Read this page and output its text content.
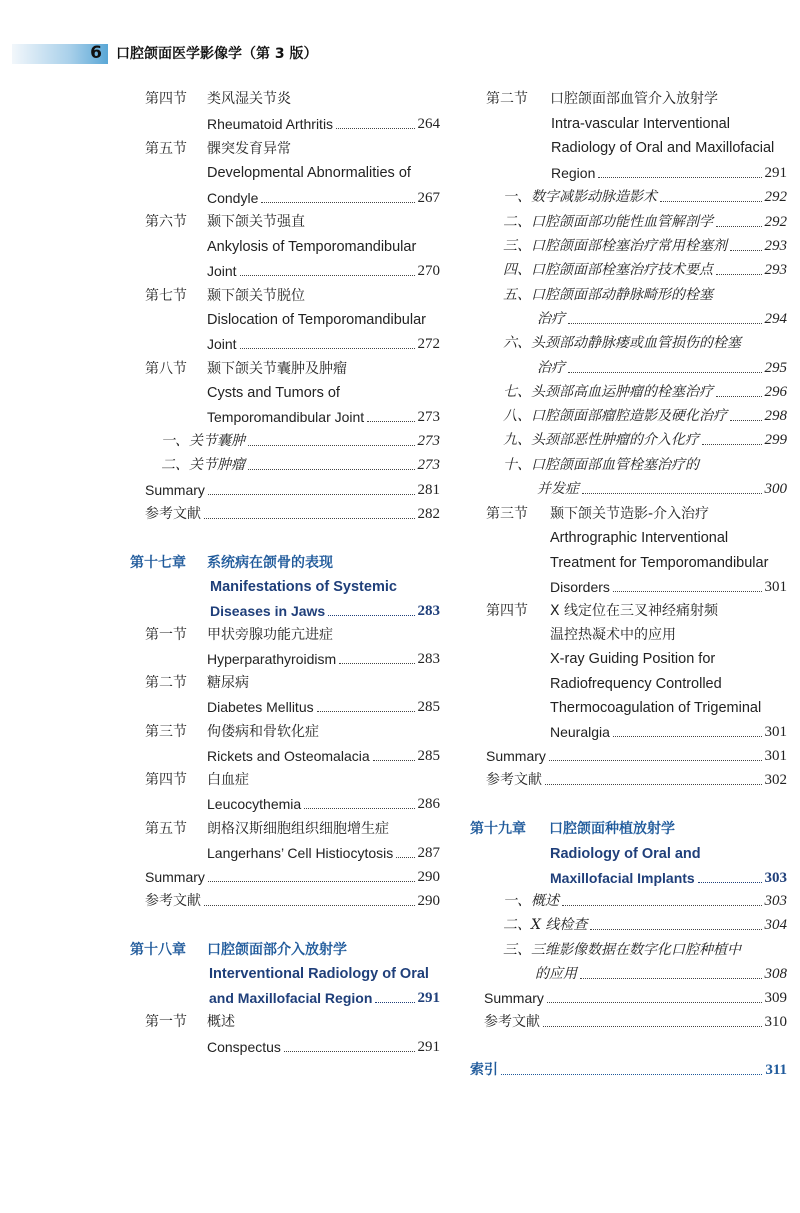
6	口腔颌面医学影像学（第 3 版）
第四节 类风湿关节炎
Rheumatoid Arthritis	264
第五节 髁突发育异常
Developmental Abnormalities of
Condyle	267
第六节 颞下颌关节强直
Ankylosis of Temporomandibular
Joint	270
第七节 颞下颌关节脱位
Dislocation of Temporomandibular
Joint	272
第八节 颞下颌关节囊肿及肿瘤
Cysts and Tumors of
Temporomandibular Joint	273
一、关节囊肿	273
二、关节肿瘤	273
Summary	281
参考文献	282
第十七章 系统病在颌骨的表现
Manifestations of Systemic
Diseases in Jaws	283
第一节 甲状旁腺功能亢进症
Hyperparathyroidism	283
第二节 糖尿病
Diabetes Mellitus	285
第三节 佝偻病和骨软化症
Rickets and Osteomalacia	285
第四节 白血症
Leucocythemia	286
第五节 朗格汉斯细胞组织细胞增生症
Langerhans’ Cell Histiocytosis 287
Summary	290
参考文献	290
第十八章 口腔颌面部介入放射学
Interventional Radiology of Oral
and Maxillofacial Region	291
第一节 概述
Conspectus	291
第二节 口腔颌面部血管介入放射学
Intra-vascular Interventional
Radiology of Oral and Maxillofacial
Region	291
一、数字减影动脉造影术	292
二、口腔颌面部功能性血管解剖学	292
三、口腔颌面部栓塞治疗常用栓塞剂	293
四、口腔颌面部栓塞治疗技术要点	293
五、口腔颌面部动静脉畸形的栓塞
治疗	294
六、头颈部动静脉瘘或血管损伤的栓塞
治疗	295
七、头颈部高血运肿瘤的栓塞治疗	296
八、口腔颌面部瘤腔造影及硬化治疗	298
九、头颈部恶性肿瘤的介入化疗	299
十、口腔颌面部血管栓塞治疗的
并发症	300
第三节 颞下颌关节造影-介入治疗
Arthrographic Interventional
Treatment for Temporomandibular
Disorders	301
第四节 X 线定位在三叉神经痛射频
温控热凝术中的应用
X-ray Guiding Position for
Radiofrequency Controlled
Thermocoagulation of Trigeminal
Neuralgia	301
Summary	301
参考文献	302
第十九章 口腔颌面种植放射学
Radiology of Oral and
Maxillofacial Implants	303
一、概述	303
二、X 线检查	304
三、三维影像数据在数字化口腔种植中
的应用	308
Summary	309
参考文献	310
索引	311
